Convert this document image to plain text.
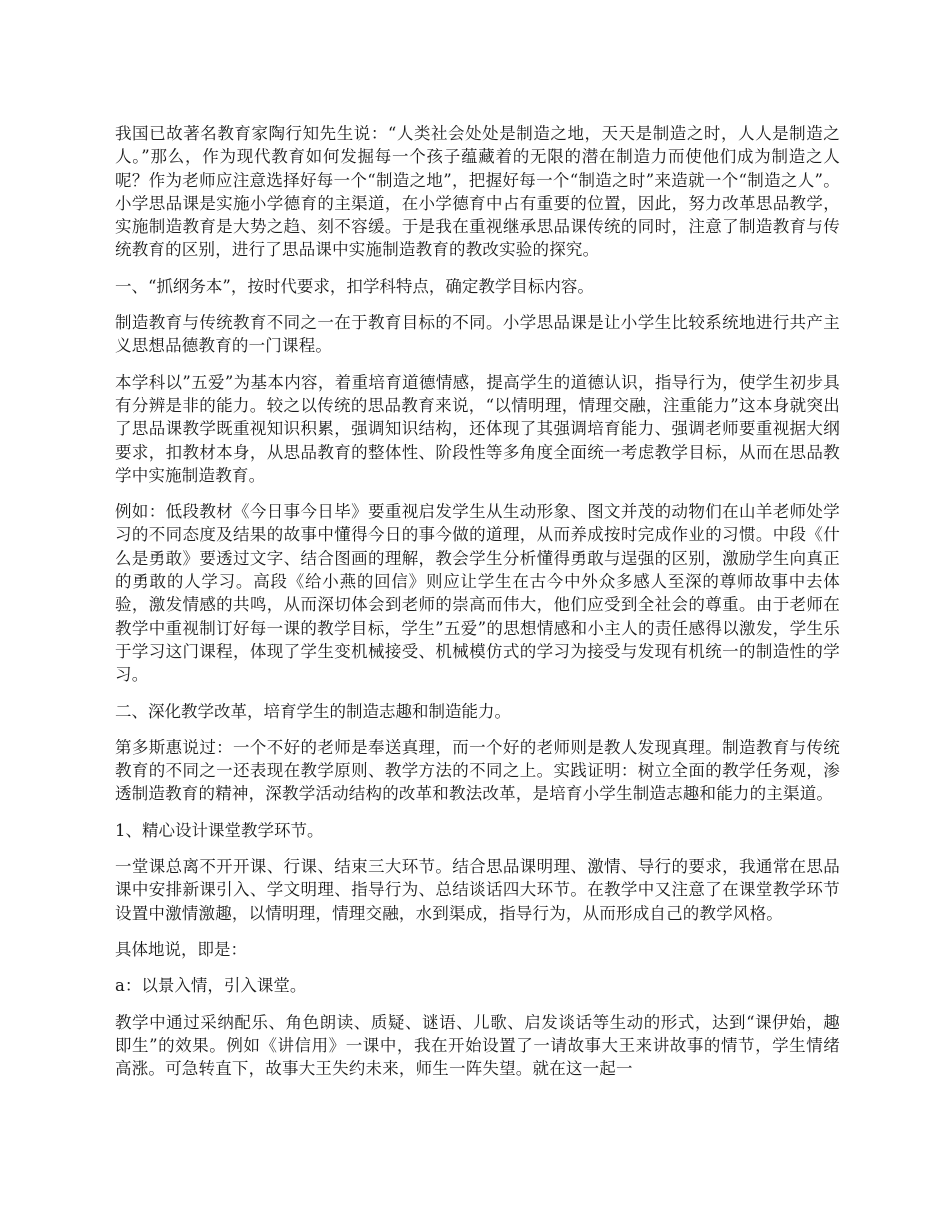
我国已故著名教育家陶行知先生说：“人类社会处处是制造之地，天天是制造之时，人人是制造之人。”那么，作为现代教育如何发掘每一个孩子蕴藏着的无限的潜在制造力而使他们成为制造之人呢？作为老师应注意选择好每一个“制造之地”，把握好每一个“制造之时”来造就一个“制造之人”。小学思品课是实施小学德育的主渠道，在小学德育中占有重要的位置，因此，努力改革思品教学，实施制造教育是大势之趋、刻不容缓。于是我在重视继承思品课传统的同时，注意了制造教育与传统教育的区别，进行了思品课中实施制造教育的教改实验的探究。

一、“抓纲务本”，按时代要求，扣学科特点，确定教学目标内容。

制造教育与传统教育不同之一在于教育目标的不同。小学思品课是让小学生比较系统地进行共产主义思想品德教育的一门课程。

本学科以”五爱”为基本内容，着重培育道德情感，提高学生的道德认识，指导行为，使学生初步具有分辨是非的能力。较之以传统的思品教育来说，“以情明理，情理交融，注重能力”这本身就突出了思品课教学既重视知识积累，强调知识结构，还体现了其强调培育能力、强调老师要重视据大纲要求，扣教材本身，从思品教育的整体性、阶段性等多角度全面统一考虑教学目标，从而在思品教学中实施制造教育。

例如：低段教材《今日事今日毕》要重视启发学生从生动形象、图文并茂的动物们在山羊老师处学习的不同态度及结果的故事中懂得今日的事今做的道理，从而养成按时完成作业的习惯。中段《什么是勇敢》要透过文字、结合图画的理解，教会学生分析懂得勇敢与逞强的区别，激励学生向真正的勇敢的人学习。高段《给小燕的回信》则应让学生在古今中外众多感人至深的尊师故事中去体验，激发情感的共鸣，从而深切体会到老师的崇高而伟大，他们应受到全社会的尊重。由于老师在教学中重视制订好每一课的教学目标，学生”五爱”的思想情感和小主人的责任感得以激发，学生乐于学习这门课程，体现了学生变机械接受、机械模仿式的学习为接受与发现有机统一的制造性的学习。

二、深化教学改革，培育学生的制造志趣和制造能力。

第多斯惠说过：一个不好的老师是奉送真理，而一个好的老师则是教人发现真理。制造教育与传统教育的不同之一还表现在教学原则、教学方法的不同之上。实践证明：树立全面的教学任务观，渗透制造教育的精神，深教学活动结构的改革和教法改革，是培育小学生制造志趣和能力的主渠道。

1、精心设计课堂教学环节。

一堂课总离不开开课、行课、结束三大环节。结合思品课明理、激情、导行的要求，我通常在思品课中安排新课引入、学文明理、指导行为、总结谈话四大环节。在教学中又注意了在课堂教学环节设置中激情激趣，以情明理，情理交融，水到渠成，指导行为，从而形成自己的教学风格。

具体地说，即是：

a：以景入情，引入课堂。

教学中通过采纳配乐、角色朗读、质疑、谜语、儿歌、启发谈话等生动的形式，达到“课伊始，趣即生”的效果。例如《讲信用》一课中，我在开始设置了一请故事大王来讲故事的情节，学生情绪高涨。可急转直下，故事大王失约未来，师生一阵失望。就在这一起一
